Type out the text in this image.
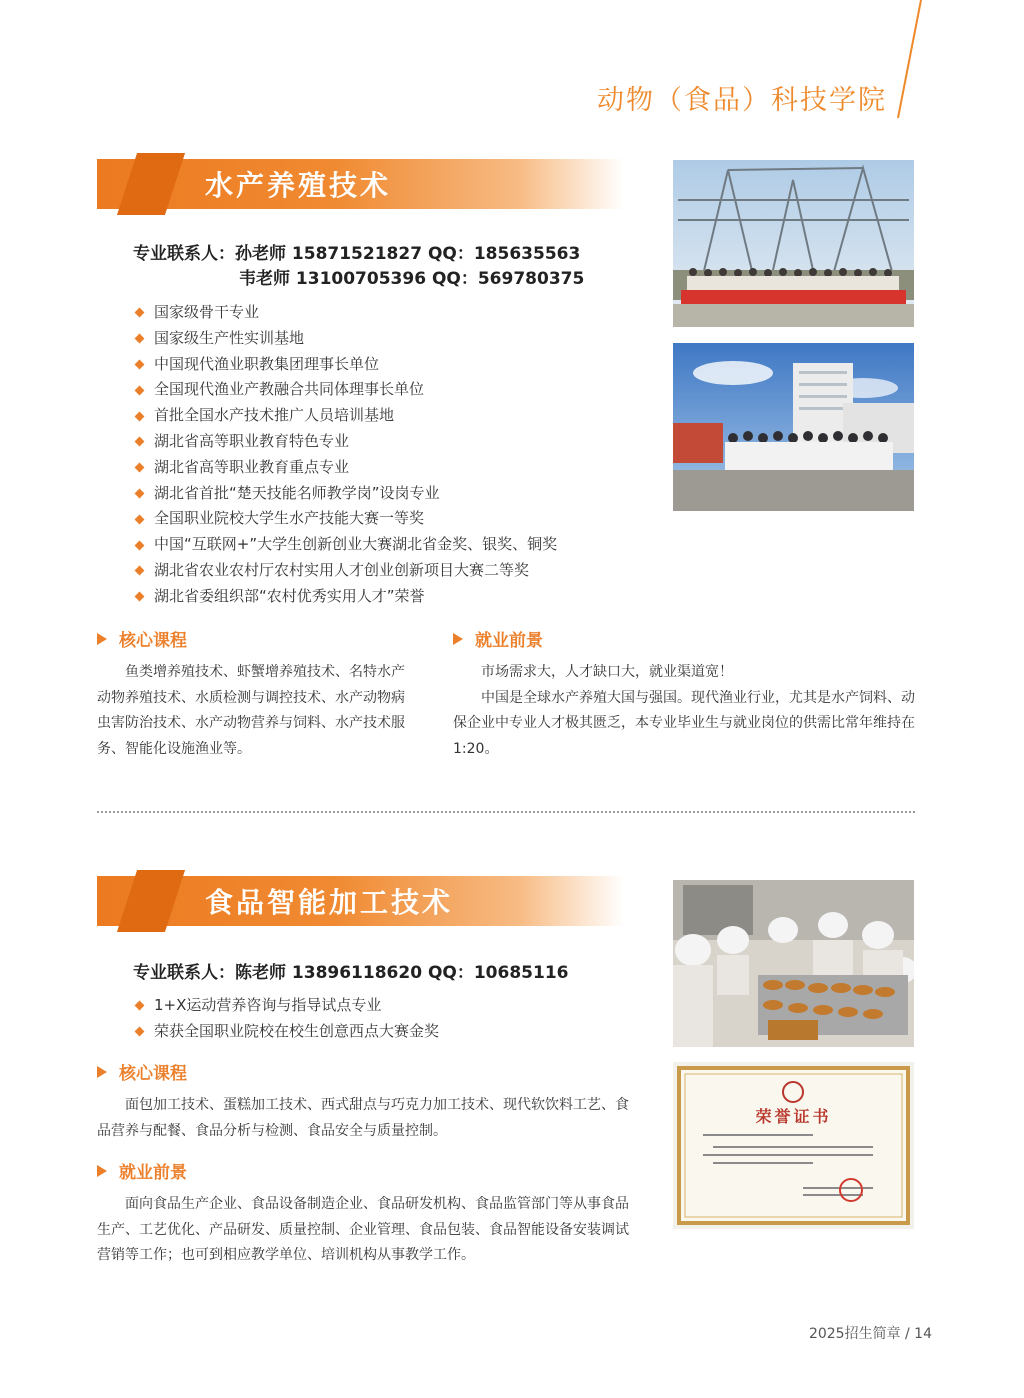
动物（食品）科技学院
水产养殖技术
专业联系人：孙老师 15871521827 QQ：185635563
韦老师 13100705396 QQ：569780375
国家级骨干专业
国家级生产性实训基地
中国现代渔业职教集团理事长单位
全国现代渔业产教融合共同体理事长单位
首批全国水产技术推广人员培训基地
湖北省高等职业教育特色专业
湖北省高等职业教育重点专业
湖北省首批“楚天技能名师教学岗”设岗专业
全国职业院校大学生水产技能大赛一等奖
中国“互联网+”大学生创新创业大赛湖北省金奖、银奖、铜奖
湖北省农业农村厅农村实用人才创业创新项目大赛二等奖
湖北省委组织部“农村优秀实用人才”荣誉
核心课程	就业前景

鱼类增养殖技术、虾蟹增养殖技术、名特水产动物养殖技术、水质检测与调控技术、水产动物病虫害防治技术、水产动物营养与饲料、水产技术服务、智能化设施渔业等。

市场需求大，人才缺口大，就业渠道宽！

中国是全球水产养殖大国与强国。现代渔业行业，尤其是水产饲料、动保企业中专业人才极其匮乏，本专业毕业生与就业岗位的供需比常年维持在1:20。

食品智能加工技术
专业联系人：陈老师 13896118620 QQ：10685116
1+X运动营养咨询与指导试点专业
荣获全国职业院校在校生创意西点大赛金奖
核心课程

面包加工技术、蛋糕加工技术、西式甜点与巧克力加工技术、现代软饮料工艺、食品营养与配餐、食品分析与检测、食品安全与质量控制。

就业前景

面向食品生产企业、食品设备制造企业、食品研发机构、食品监管部门等从事食品生产、工艺优化、产品研发、质量控制、企业管理、食品包装、食品智能设备安装调试营销等工作；也可到相应教学单位、培训机构从事教学工作。

荣誉证书
2025招生简章 / 14
